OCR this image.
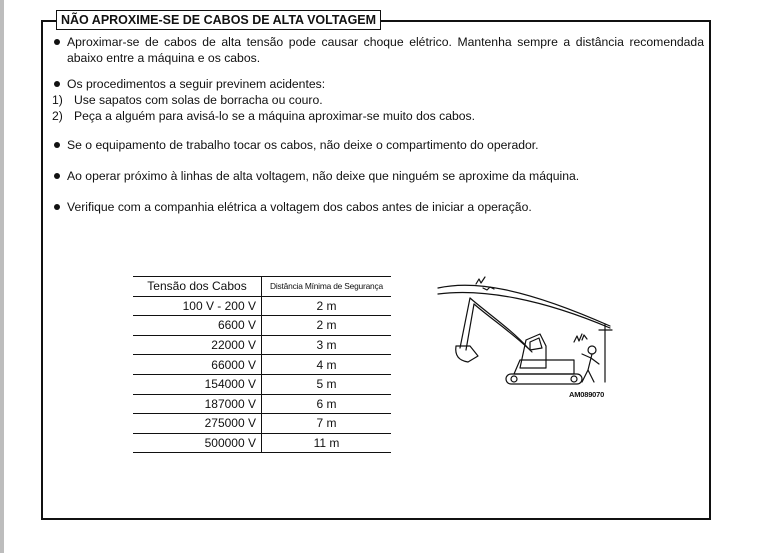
NÃO APROXIME-SE DE CABOS DE ALTA VOLTAGEM
Aproximar-se de cabos de alta tensão pode causar choque elétrico. Mantenha sempre a distância recomendada abaixo entre a máquina e os cabos.
Os procedimentos a seguir previnem acidentes:
1) Use sapatos com solas de borracha ou couro.
2) Peça a alguém para avisá-lo se a máquina aproximar-se muito dos cabos.
Se o equipamento de trabalho tocar os cabos, não deixe o compartimento do operador.
Ao operar próximo à linhas de alta voltagem, não deixe que ninguém se aproxime da máquina.
Verifique com a companhia elétrica a voltagem dos cabos antes de iniciar a operação.
Tensão dos Cabos	Distância Mínima de Segurança
100 V - 200 V	2 m
6600 V	2 m
22000 V	3 m
66000 V	4 m
154000 V	5 m
187000 V	6 m
275000 V	7 m
500000 V	11 m
AM089070
